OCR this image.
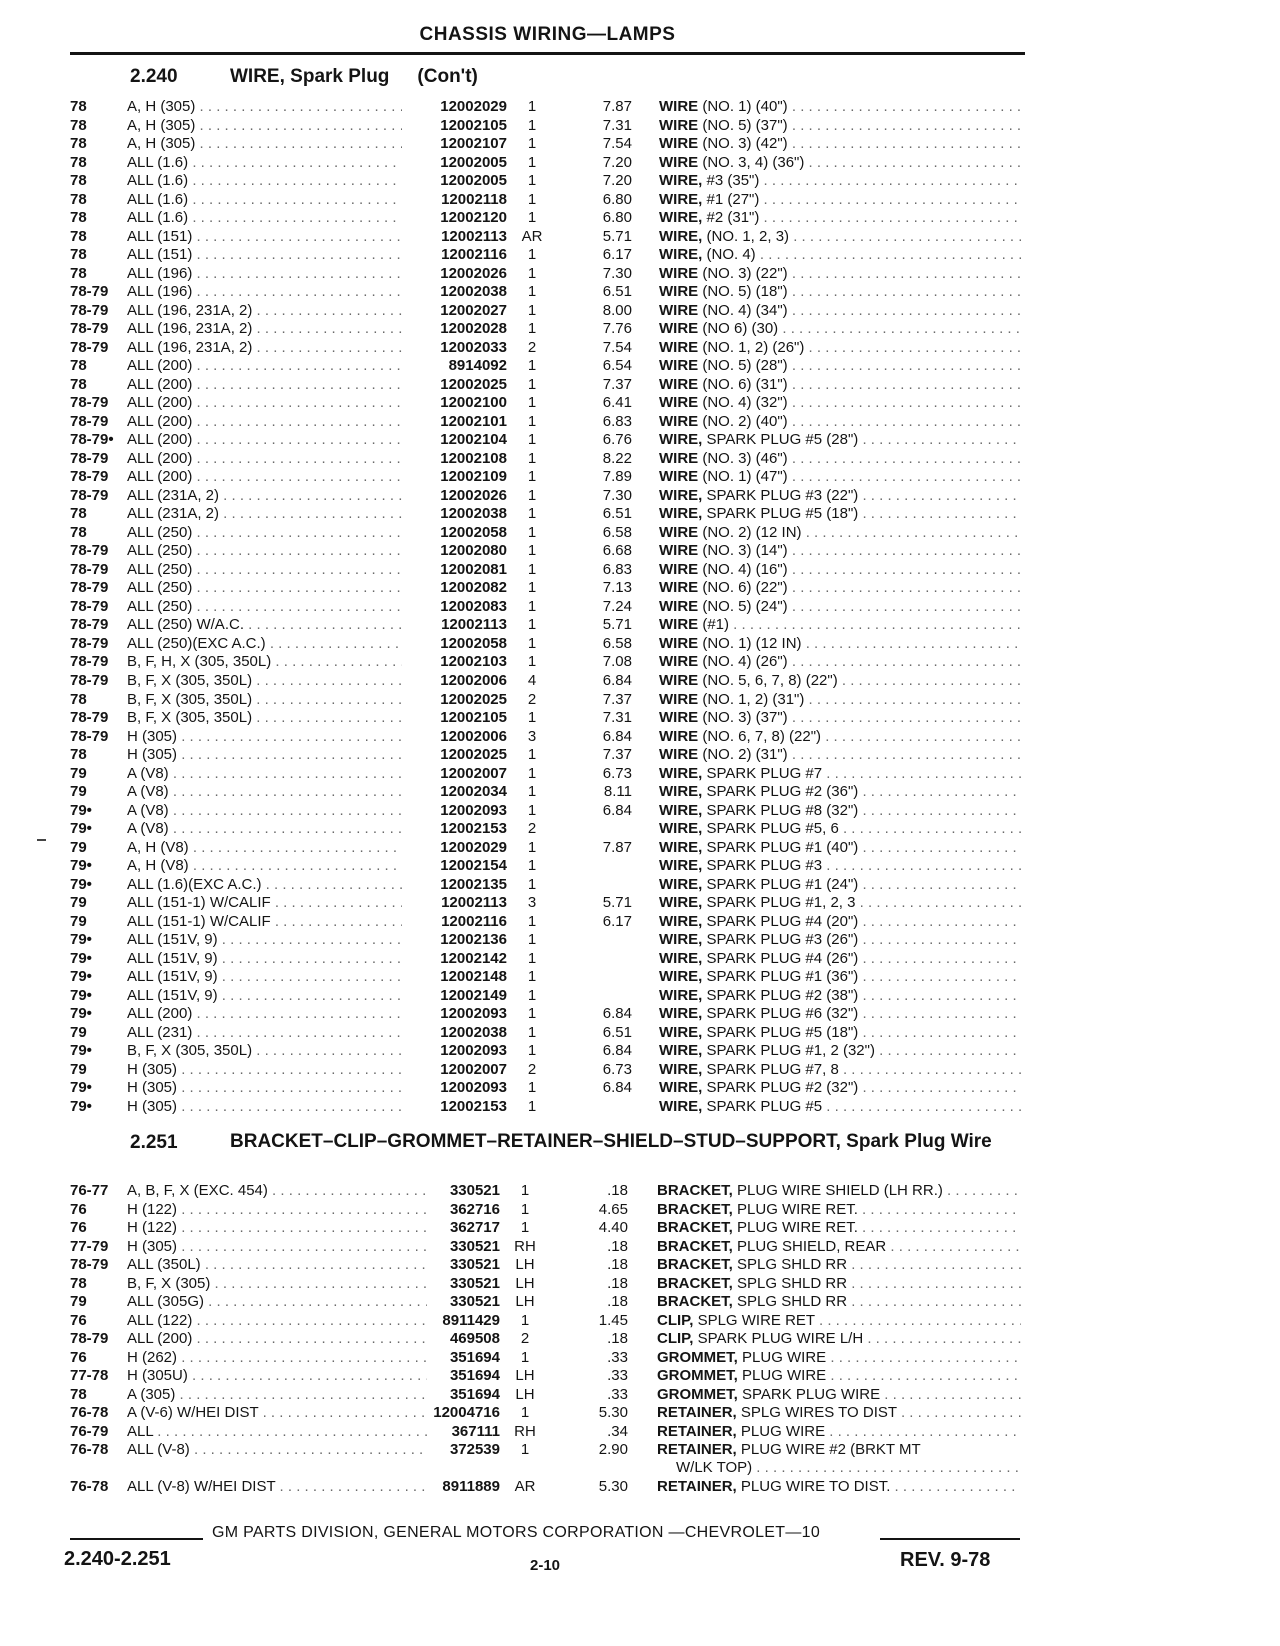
CHASSIS WIRING—LAMPS
2.240	WIRE, Spark Plug (Con't)
78	A, H (305) . . .	12002029	1	7.87 WIRE (NO. 1) (40") . . .
78	A, H (305) . . .	12002105	1	7.31 WIRE (NO. 5) (37") . . .
78	A, H (305) . . .	12002107	1	7.54 WIRE (NO. 3) (42") . . .
78	ALL (1.6) . . .	12002005	1	7.20 WIRE (NO. 3, 4) (36") . . .
78	ALL (1.6) . . .	12002005	1	7.20 WIRE, #3 (35") . . .
78	ALL (1.6) . . .	12002118	1	6.80 WIRE, #1 (27") . . .
78	ALL (1.6) . . .	12002120	1	6.80 WIRE, #2 (31") . . .
78	ALL (151) . . .	12002113 AR	5.71 WIRE, (NO. 1, 2, 3) . . .
78	ALL (151) . . .	12002116	1	6.17 WIRE, (NO. 4) . . .
78	ALL (196) . . .	12002026	1	7.30 WIRE (NO. 3) (22") . . .
78-79 ALL (196) . . .	12002038	1	6.51 WIRE (NO. 5) (18") . . .
78-79 ALL (196, 231A, 2) . . .	12002027	1	8.00 WIRE (NO. 4) (34") . . .
78-79 ALL (196, 231A, 2) . . .	12002028	1	7.76 WIRE (NO 6) (30) . . .
78-79 ALL (196, 231A, 2) . . .	12002033	2	7.54 WIRE (NO. 1, 2) (26") . . .
78	ALL (200) . . .	8914092	1	6.54 WIRE (NO. 5) (28") . . .
78	ALL (200) . . .	12002025	1	7.37 WIRE (NO. 6) (31") . . .
78-79 ALL (200) . . .	12002100	1	6.41 WIRE (NO. 4) (32") . . .
78-79 ALL (200) . . .	12002101	1	6.83 WIRE (NO. 2) (40") . . .
78-79• ALL (200) . . .	12002104	1	6.76 WIRE, SPARK PLUG #5 (28") . . .
78-79 ALL (200) . . .	12002108	1	8.22 WIRE (NO. 3) (46") . . .
78-79 ALL (200) . . .	12002109	1	7.89 WIRE (NO. 1) (47") . . .
78-79 ALL (231A, 2) . . .	12002026	1	7.30 WIRE, SPARK PLUG #3 (22") . . .
78	ALL (231A, 2) . . .	12002038	1	6.51 WIRE, SPARK PLUG #5 (18") . . .
78	ALL (250) . . .	12002058	1	6.58 WIRE (NO. 2) (12 IN) . . .
78-79 ALL (250) . . .	12002080	1	6.68 WIRE (NO. 3) (14") . . .
78-79 ALL (250) . . .	12002081	1	6.83 WIRE (NO. 4) (16") . . .
78-79 ALL (250) . . .	12002082	1	7.13 WIRE (NO. 6) (22") . . .
78-79 ALL (250) . . .	12002083	1	7.24 WIRE (NO. 5) (24") . . .
78-79 ALL (250) W/A.C. . . .	12002113	1	5.71 WIRE (#1) . . .
78-79 ALL (250)(EXC A.C.) . . .	12002058	1	6.58 WIRE (NO. 1) (12 IN) . . .
78-79 B, F, H, X (305, 350L) . . .	12002103	1	7.08 WIRE (NO. 4) (26") . . .
78-79 B, F, X (305, 350L) . . .	12002006	4	6.84 WIRE (NO. 5, 6, 7, 8) (22") . . .
78	B, F, X (305, 350L) . . .	12002025	2	7.37 WIRE (NO. 1, 2) (31") . . .
78-79 B, F, X (305, 350L) . . .	12002105	1	7.31 WIRE (NO. 3) (37") . . .
78-79 H (305) . . .	12002006	3	6.84 WIRE (NO. 6, 7, 8) (22") . . .
78	H (305) . . .	12002025	1	7.37 WIRE (NO. 2) (31") . . .
79	A (V8) . . .	12002007	1	6.73 WIRE, SPARK PLUG #7 . . .
79	A (V8) . . .	12002034	1	8.11 WIRE, SPARK PLUG #2 (36") . . .
79• A (V8) . . .	12002093	1	6.84 WIRE, SPARK PLUG #8 (32") . . .
79• A (V8) . . .	12002153	2	WIRE, SPARK PLUG #5, 6 . . .
79	A, H (V8) . . .	12002029	1	7.87 WIRE, SPARK PLUG #1 (40") . . .
79• A, H (V8) . . .	12002154	1	WIRE, SPARK PLUG #3 . . .
79• ALL (1.6)(EXC A.C.) . . .	12002135	1	WIRE, SPARK PLUG #1 (24") . . .
79	ALL (151-1) W/CALIF . . .	12002113	3	5.71 WIRE, SPARK PLUG #1, 2, 3 . . .
79	ALL (151-1) W/CALIF . . .	12002116	1	6.17 WIRE, SPARK PLUG #4 (20") . . .
79• ALL (151V, 9) . . .	12002136	1	WIRE, SPARK PLUG #3 (26") . . .
79• ALL (151V, 9) . . .	12002142	1	WIRE, SPARK PLUG #4 (26") . . .
79• ALL (151V, 9) . . .	12002148	1	WIRE, SPARK PLUG #1 (36") . . .
79• ALL (151V, 9) . . .	12002149	1	WIRE, SPARK PLUG #2 (38") . . .
79• ALL (200) . . .	12002093	1	6.84 WIRE, SPARK PLUG #6 (32") . . .
79	ALL (231) . . .	12002038	1	6.51 WIRE, SPARK PLUG #5 (18") . . .
79• B, F, X (305, 350L) . . .	12002093	1	6.84 WIRE, SPARK PLUG #1, 2 (32") . . .
79	H (305) . . .	12002007	2	6.73 WIRE, SPARK PLUG #7, 8 . . .
79• H (305) . . .	12002093	1	6.84 WIRE, SPARK PLUG #2 (32") . . .
79• H (305) . . .	12002153	1	WIRE, SPARK PLUG #5 . . .
2.251	BRACKET–CLIP–GROMMET–RETAINER–SHIELD–STUD–SUPPORT, Spark Plug Wire
76-77 A, B, F, X (EXC. 454) . . .	330521	1	.18 BRACKET, PLUG WIRE SHIELD (LH RR.) . . .
76	H (122) . . .	362716	1	4.65 BRACKET, PLUG WIRE RET. . . .
76	H (122) . . .	362717	1	4.40 BRACKET, PLUG WIRE RET. . . .
77-79 H (305) . . .	330521 RH	.18 BRACKET, PLUG SHIELD, REAR . . .
78-79 ALL (350L) . . .	330521	LH	.18 BRACKET, SPLG SHLD RR . . .
78	B, F, X (305) . . .	330521	LH	.18 BRACKET, SPLG SHLD RR . . .
79	ALL (305G) . . .	330521	LH	.18 BRACKET, SPLG SHLD RR . . .
76	ALL (122) . . .	8911429	1	1.45 CLIP, SPLG WIRE RET . . .
78-79 ALL (200) . . .	469508	2	.18 CLIP, SPARK PLUG WIRE L/H . . .
76	H (262) . . .	351694	1	.33 GROMMET, PLUG WIRE . . .
77-78 H (305U) . . .	351694	LH	.33 GROMMET, PLUG WIRE . . .
78	A (305) . . .	351694	LH	.33 GROMMET, SPARK PLUG WIRE . . .
76-78 A (V-6) W/HEI DIST . . .	12004716	1	5.30 RETAINER, SPLG WIRES TO DIST . . .
76-79 ALL . . .	367111 RH	.34 RETAINER, PLUG WIRE . . .
76-78 ALL (V-8) . . .	372539	1	2.90 RETAINER, PLUG WIRE #2 (BRKT MT
W/LK TOP) . . .
76-78 ALL (V-8) W/HEI DIST . . .	8911889 AR	5.30 RETAINER, PLUG WIRE TO DIST. . . .
GM PARTS DIVISION, GENERAL MOTORS CORPORATION —CHEVROLET—10
2.240-2.251	2-10	REV. 9-78
